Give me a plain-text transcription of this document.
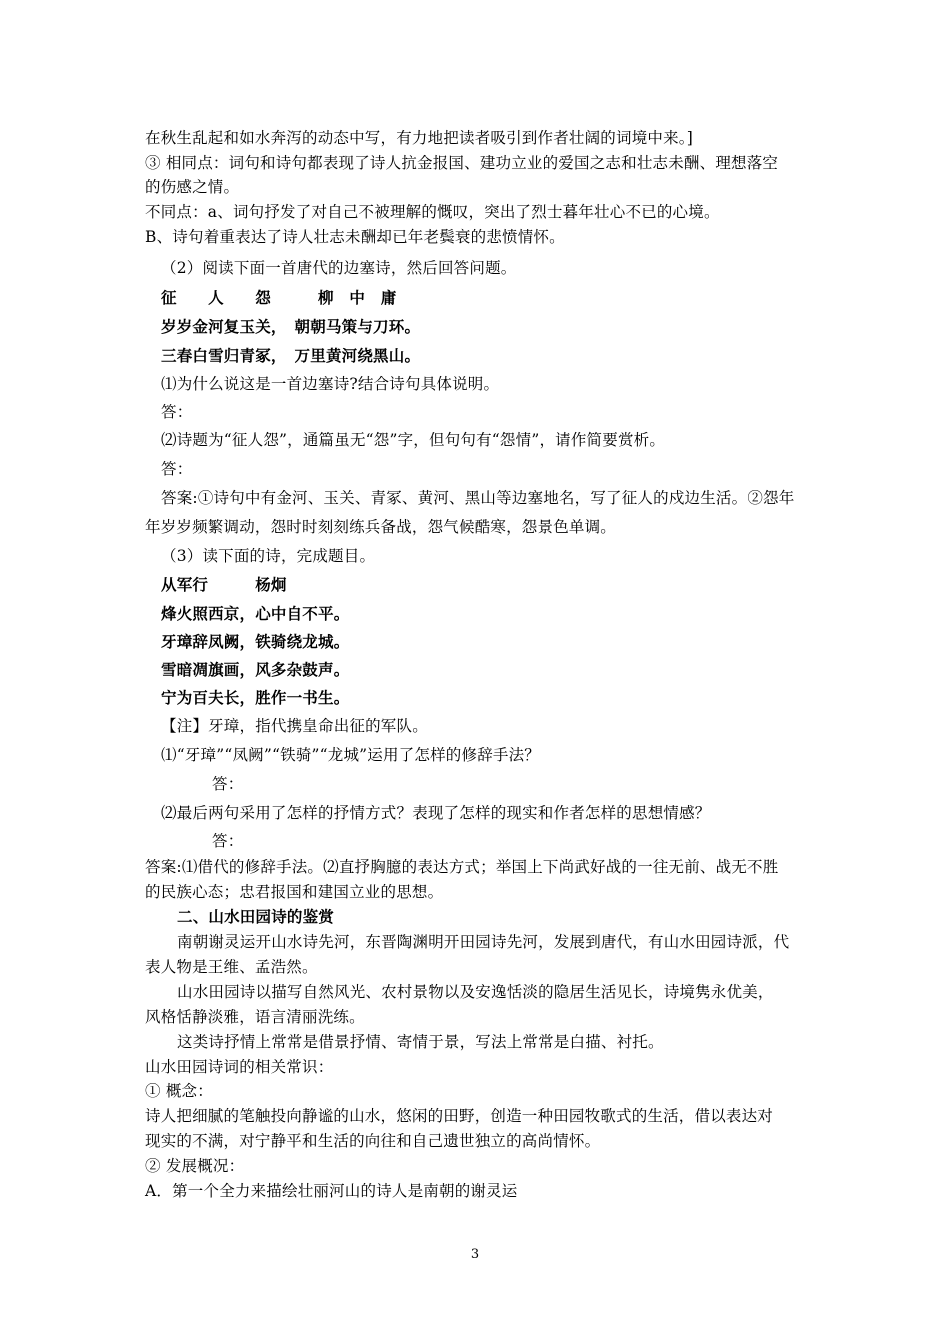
在秋生乱起和如水奔泻的动态中写，有力地把读者吸引到作者壮阔的词境中来。]
③ 相同点：词句和诗句都表现了诗人抗金报国、建功立业的爱国之志和壮志未酬、理想落空
的伤感之情。
不同点：a、词句抒发了对自己不被理解的慨叹，突出了烈士暮年壮心不已的心境。
B、诗句着重表达了诗人壮志未酬却已年老鬓衰的悲愤情怀。
（2）阅读下面一首唐代的边塞诗，然后回答问题。
征　　人　　怨　　　柳　中　庸
岁岁金河复玉关，　朝朝马策与刀环。
三春白雪归青冢，　万里黄河绕黑山。
⑴为什么说这是一首边塞诗?结合诗句具体说明。
答：
⑵诗题为“征人怨”，通篇虽无“怨”字，但句句有“怨情”，请作简要赏析。
答：
答案:①诗句中有金河、玉关、青冢、黄河、黑山等边塞地名，写了征人的戍边生活。②怨年
年岁岁频繁调动，怨时时刻刻练兵备战，怨气候酷寒，怨景色单调。
（3）读下面的诗，完成题目。
从军行　　　杨炯
烽火照西京，心中自不平。
牙璋辞凤阙，铁骑绕龙城。
雪暗凋旗画，风多杂鼓声。
宁为百夫长，胜作一书生。
【注】牙璋，指代携皇命出征的军队。
⑴“牙璋”“凤阙”“铁骑”“龙城”运用了怎样的修辞手法？
答：
⑵最后两句采用了怎样的抒情方式？表现了怎样的现实和作者怎样的思想情感？
答：
答案:⑴借代的修辞手法。⑵直抒胸臆的表达方式；举国上下尚武好战的一往无前、战无不胜
的民族心态；忠君报国和建国立业的思想。
二、山水田园诗的鉴赏
南朝谢灵运开山水诗先河，东晋陶渊明开田园诗先河，发展到唐代，有山水田园诗派，代
表人物是王维、孟浩然。
山水田园诗以描写自然风光、农村景物以及安逸恬淡的隐居生活见长，诗境隽永优美，
风格恬静淡雅，语言清丽洗练。
这类诗抒情上常常是借景抒情、寄情于景，写法上常常是白描、衬托。
山水田园诗词的相关常识：
① 概念：
诗人把细腻的笔触投向静谧的山水，悠闲的田野，创造一种田园牧歌式的生活，借以表达对
现实的不满，对宁静平和生活的向往和自己遗世独立的高尚情怀。
② 发展概况：
A．第一个全力来描绘壮丽河山的诗人是南朝的谢灵运
3
